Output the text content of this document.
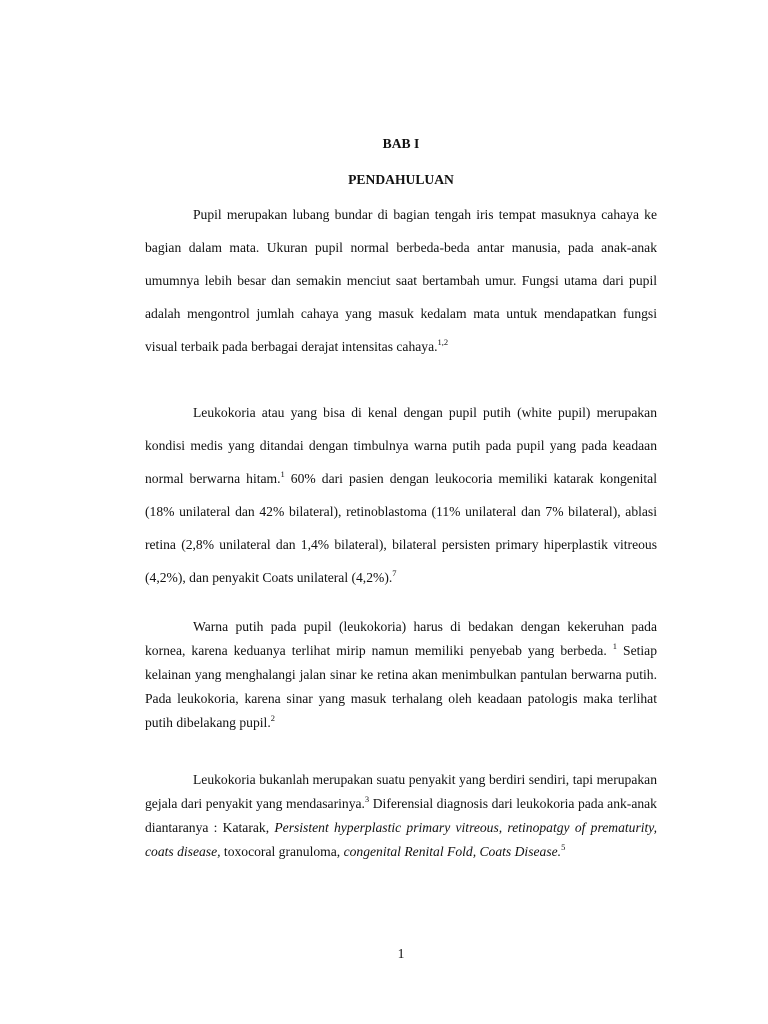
BAB I
PENDAHULUAN

Pupil merupakan lubang bundar di bagian tengah iris tempat masuknya cahaya ke bagian dalam mata. Ukuran pupil normal berbeda-beda antar manusia, pada anak-anak umumnya lebih besar dan semakin menciut saat bertambah umur. Fungsi utama dari pupil adalah mengontrol jumlah cahaya yang masuk kedalam mata untuk mendapatkan fungsi visual terbaik pada berbagai derajat intensitas cahaya.$^{1,2}$

Leukokoria atau yang bisa di kenal dengan pupil putih (white pupil) merupakan kondisi medis yang ditandai dengan timbulnya warna putih pada pupil yang pada keadaan normal berwarna hitam.$^1$ 60% dari pasien dengan leukocoria memiliki katarak kongenital (18% unilateral dan 42% bilateral), retinoblastoma (11% unilateral dan 7% bilateral), ablasi retina (2,8% unilateral dan 1,4% bilateral), bilateral persisten primary hiperplastik vitreous (4,2%), dan penyakit Coats unilateral (4,2%).$^7$

Warna putih pada pupil (leukokoria) harus di bedakan dengan kekeruhan pada kornea, karena keduanya terlihat mirip namun memiliki penyebab yang berbeda. $^1$ Setiap kelainan yang menghalangi jalan sinar ke retina akan menimbulkan pantulan berwarna putih. Pada leukokoria, karena sinar yang masuk terhalang oleh keadaan patologis maka terlihat putih dibelakang pupil.$^2$

Leukokoria bukanlah merupakan suatu penyakit yang berdiri sendiri, tapi merupakan gejala dari penyakit yang mendasarinya.$^3$ Diferensial diagnosis dari leukokoria pada ank-anak diantaranya : Katarak, Persistent hyperplastic primary vitreous, retinopatgy of prematurity, coats disease, toxocoral granuloma, congenital Renital Fold, Coats Disease.$^5$

1
